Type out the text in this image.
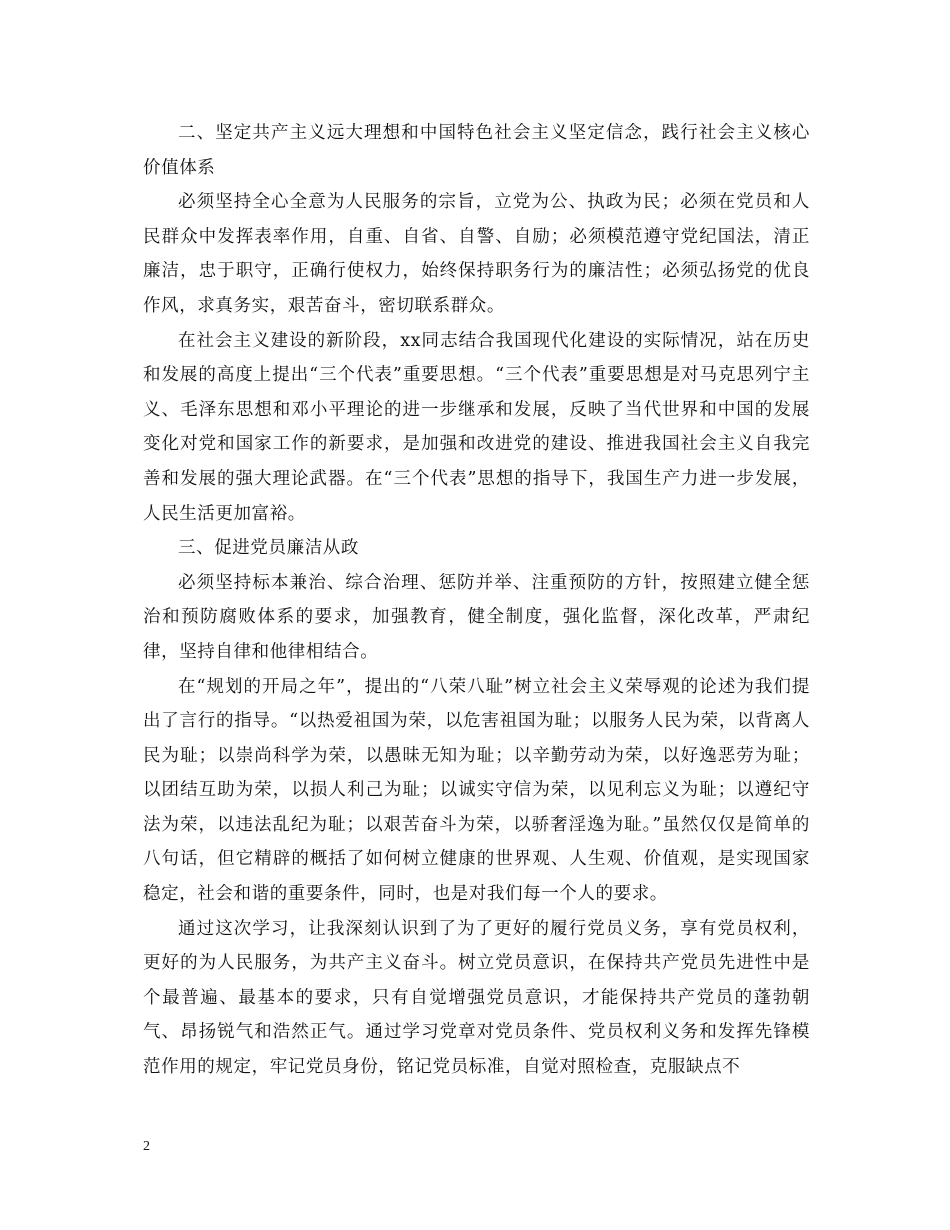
二、坚定共产主义远大理想和中国特色社会主义坚定信念，践行社会主义核心价值体系

必须坚持全心全意为人民服务的宗旨，立党为公、执政为民；必须在党员和人民群众中发挥表率作用，自重、自省、自警、自励；必须模范遵守党纪国法，清正廉洁，忠于职守，正确行使权力，始终保持职务行为的廉洁性；必须弘扬党的优良作风，求真务实，艰苦奋斗，密切联系群众。

在社会主义建设的新阶段，xx同志结合我国现代化建设的实际情况，站在历史和发展的高度上提出“三个代表”重要思想。“三个代表”重要思想是对马克思列宁主义、毛泽东思想和邓小平理论的进一步继承和发展，反映了当代世界和中国的发展变化对党和国家工作的新要求，是加强和改进党的建设、推进我国社会主义自我完善和发展的强大理论武器。在“三个代表”思想的指导下，我国生产力进一步发展，人民生活更加富裕。

三、促进党员廉洁从政

必须坚持标本兼治、综合治理、惩防并举、注重预防的方针，按照建立健全惩治和预防腐败体系的要求，加强教育，健全制度，强化监督，深化改革，严肃纪律，坚持自律和他律相结合。

在“规划的开局之年”，提出的“八荣八耻”树立社会主义荣辱观的论述为我们提出了言行的指导。“以热爱祖国为荣，以危害祖国为耻；以服务人民为荣，以背离人民为耻；以崇尚科学为荣，以愚昧无知为耻；以辛勤劳动为荣，以好逸恶劳为耻；以团结互助为荣，以损人利己为耻；以诚实守信为荣，以见利忘义为耻；以遵纪守法为荣，以违法乱纪为耻；以艰苦奋斗为荣，以骄奢淫逸为耻。”虽然仅仅是简单的八句话，但它精辟的概括了如何树立健康的世界观、人生观、价值观，是实现国家稳定，社会和谐的重要条件，同时，也是对我们每一个人的要求。

通过这次学习，让我深刻认识到了为了更好的履行党员义务，享有党员权利，更好的为人民服务，为共产主义奋斗。树立党员意识，在保持共产党员先进性中是个最普遍、最基本的要求，只有自觉增强党员意识，才能保持共产党员的蓬勃朝气、昂扬锐气和浩然正气。通过学习党章对党员条件、党员权利义务和发挥先锋模范作用的规定，牢记党员身份，铭记党员标准，自觉对照检查，克服缺点不

2
